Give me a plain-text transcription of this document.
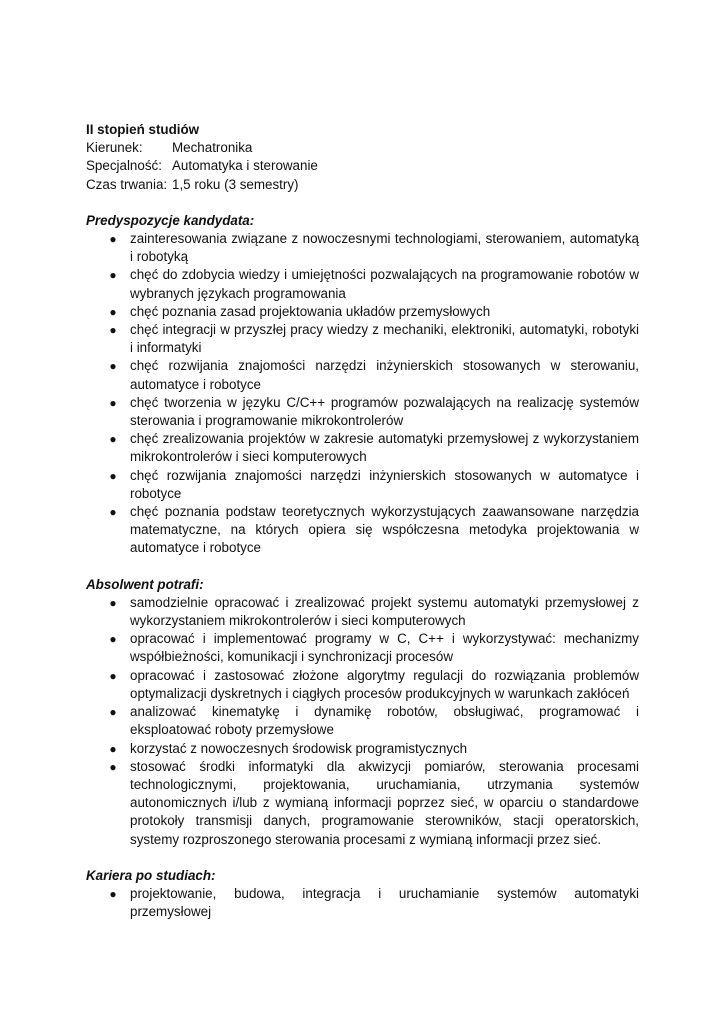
II stopień studiów
Kierunek:	Mechatronika
Specjalność: Automatyka i sterowanie
Czas trwania: 1,5 roku (3 semestry)
Predyspozycje kandydata:
● zainteresowania związane z nowoczesnymi technologiami, sterowaniem, automatyką i robotyką
● chęć do zdobycia wiedzy i umiejętności pozwalających na programowanie robotów w wybranych językach programowania
● chęć poznania zasad projektowania układów przemysłowych
● chęć integracji w przyszłej pracy wiedzy z mechaniki, elektroniki, automatyki, robotyki i informatyki
● chęć rozwijania znajomości narzędzi inżynierskich stosowanych w sterowaniu, automatyce i robotyce
● chęć tworzenia w języku C/C++ programów pozwalających na realizację systemów sterowania i programowanie mikrokontrolerów
● chęć zrealizowania projektów w zakresie automatyki przemysłowej z wykorzystaniem mikrokontrolerów i sieci komputerowych
● chęć rozwijania znajomości narzędzi inżynierskich stosowanych w automatyce i robotyce
● chęć poznania podstaw teoretycznych wykorzystujących zaawansowane narzędzia matematyczne, na których opiera się współczesna metodyka projektowania w automatyce i robotyce
Absolwent potrafi:
● samodzielnie opracować i zrealizować projekt systemu automatyki przemysłowej z wykorzystaniem mikrokontrolerów i sieci komputerowych
● opracować i implementować programy w C, C++ i wykorzystywać: mechanizmy współbieżności, komunikacji i synchronizacji procesów
● opracować i zastosować złożone algorytmy regulacji do rozwiązania problemów optymalizacji dyskretnych i ciągłych procesów produkcyjnych w warunkach zakłóceń
● analizować kinematykę i dynamikę robotów, obsługiwać, programować i eksploatować roboty przemysłowe
● korzystać z nowoczesnych środowisk programistycznych
● stosować środki informatyki dla akwizycji pomiarów, sterowania procesami technologicznymi, projektowania, uruchamiania, utrzymania systemów autonomicznych i/lub z wymianą informacji poprzez sieć, w oparciu o standardowe protokoły transmisji danych, programowanie sterowników, stacji operatorskich, systemy rozproszonego sterowania procesami z wymianą informacji przez sieć.
Kariera po studiach:
● projektowanie, budowa, integracja i uruchamianie systemów automatyki przemysłowej
